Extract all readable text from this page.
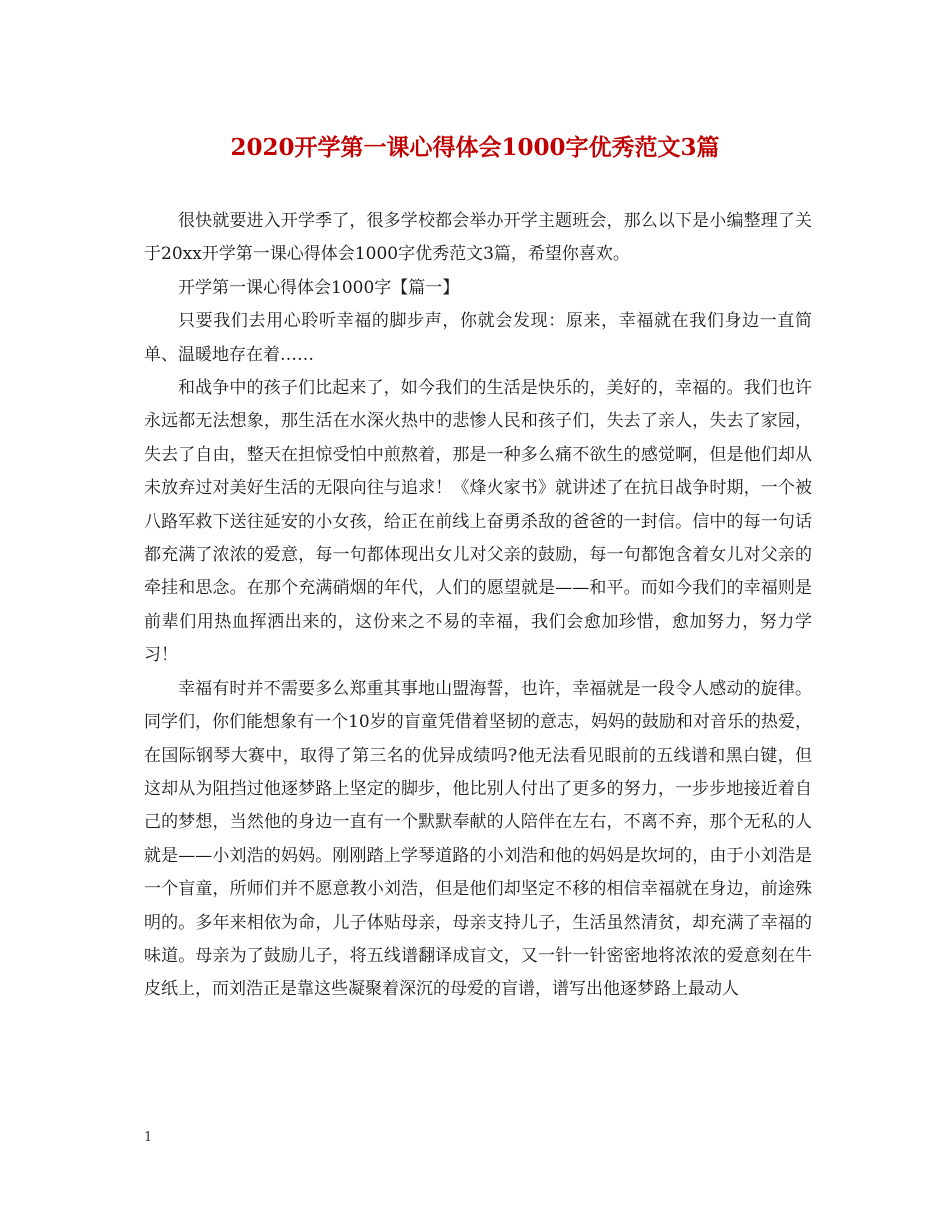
2020开学第一课心得体会1000字优秀范文3篇

很快就要进入开学季了，很多学校都会举办开学主题班会，那么以下是小编整理了关于20xx开学第一课心得体会1000字优秀范文3篇，希望你喜欢。

开学第一课心得体会1000字【篇一】

只要我们去用心聆听幸福的脚步声，你就会发现：原来，幸福就在我们身边一直简单、温暖地存在着……

和战争中的孩子们比起来了，如今我们的生活是快乐的，美好的，幸福的。我们也许永远都无法想象，那生活在水深火热中的悲惨人民和孩子们，失去了亲人，失去了家园，失去了自由，整天在担惊受怕中煎熬着，那是一种多么痛不欲生的感觉啊，但是他们却从未放弃过对美好生活的无限向往与追求！《烽火家书》就讲述了在抗日战争时期，一个被八路军救下送往延安的小女孩，给正在前线上奋勇杀敌的爸爸的一封信。信中的每一句话都充满了浓浓的爱意，每一句都体现出女儿对父亲的鼓励，每一句都饱含着女儿对父亲的牵挂和思念。在那个充满硝烟的年代，人们的愿望就是——和平。而如今我们的幸福则是前辈们用热血挥洒出来的，这份来之不易的幸福，我们会愈加珍惜，愈加努力，努力学习！

幸福有时并不需要多么郑重其事地山盟海誓，也许，幸福就是一段令人感动的旋律。同学们，你们能想象有一个10岁的盲童凭借着坚韧的意志，妈妈的鼓励和对音乐的热爱，在国际钢琴大赛中，取得了第三名的优异成绩吗?他无法看见眼前的五线谱和黑白键，但这却从为阻挡过他逐梦路上坚定的脚步，他比别人付出了更多的努力，一步步地接近着自己的梦想，当然他的身边一直有一个默默奉献的人陪伴在左右，不离不弃，那个无私的人就是——小刘浩的妈妈。刚刚踏上学琴道路的小刘浩和他的妈妈是坎坷的，由于小刘浩是一个盲童，所师们并不愿意教小刘浩，但是他们却坚定不移的相信幸福就在身边，前途殊明的。多年来相依为命，儿子体贴母亲，母亲支持儿子，生活虽然清贫，却充满了幸福的味道。母亲为了鼓励儿子，将五线谱翻译成盲文，又一针一针密密地将浓浓的爱意刻在牛皮纸上，而刘浩正是靠这些凝聚着深沉的母爱的盲谱，谱写出他逐梦路上最动人

1
